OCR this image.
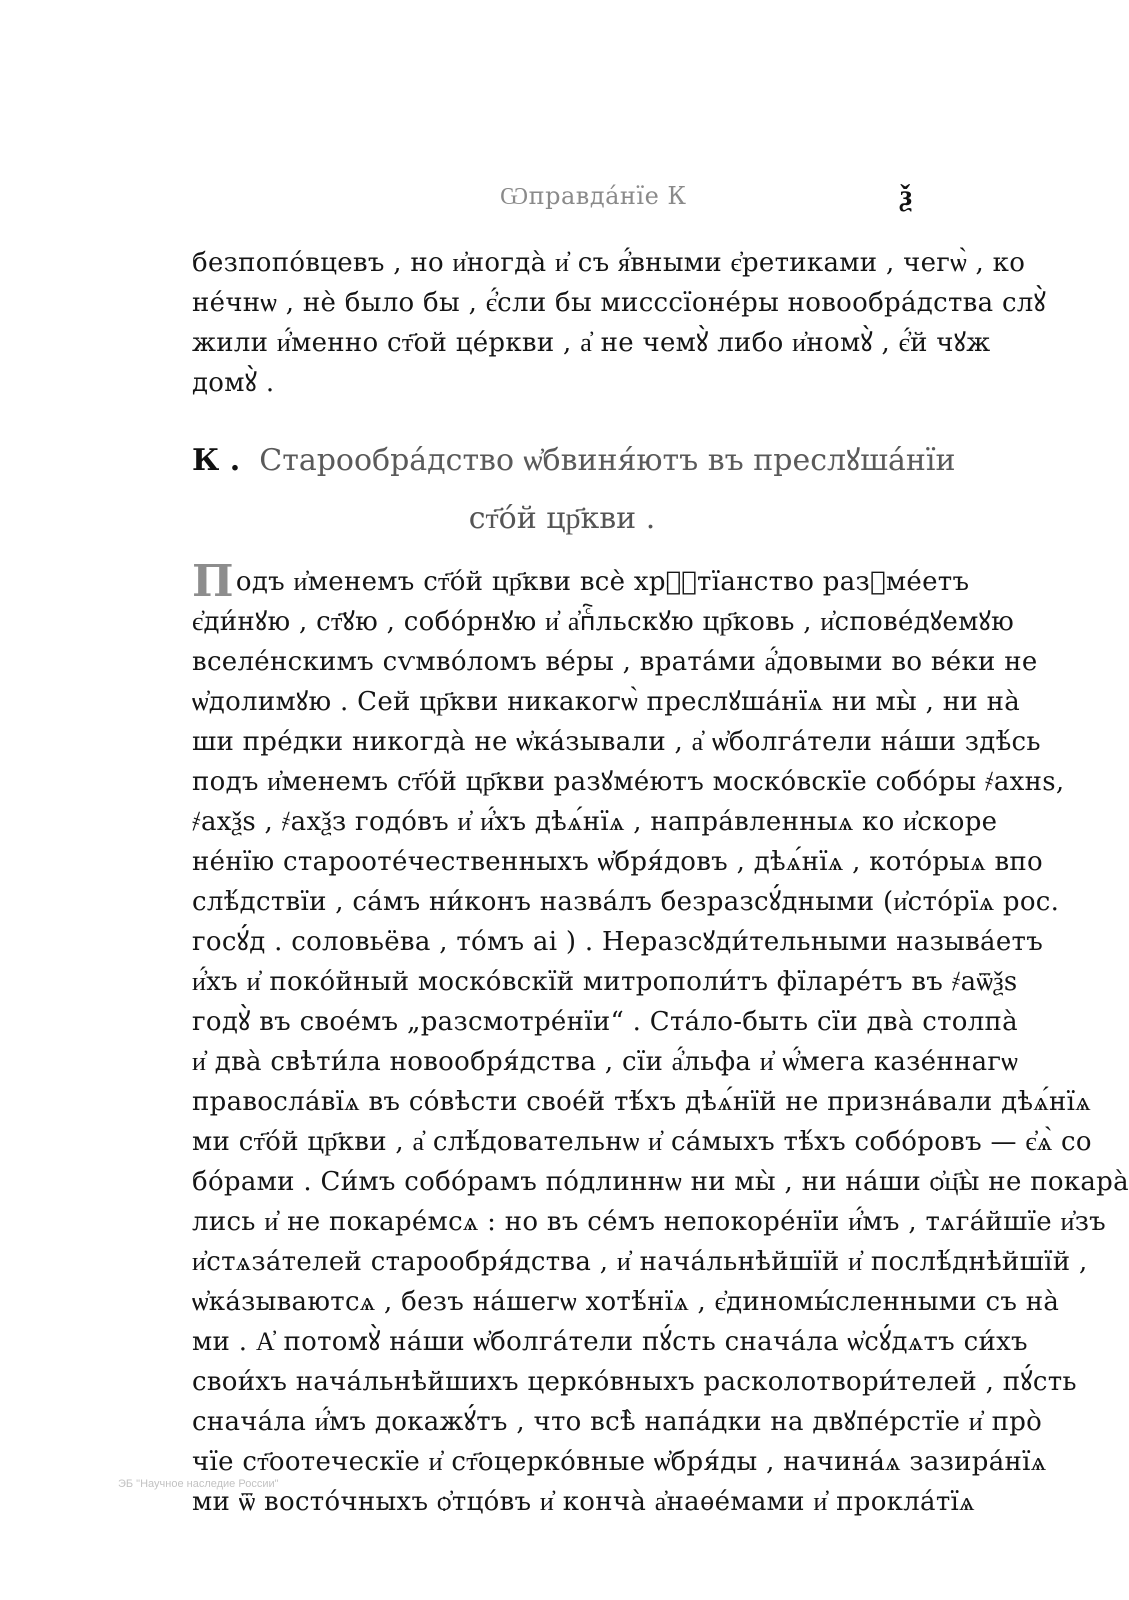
Ѡправда́нїе К	ѯ
безпопо́вцевъ , но и҆ногда̀ и҆ съ я҆́вными є҆ретиками , чегѡ̀ , ко
не́чнѡ , нѐ было бы , є҆́сли бы мисссїоне́ры новообра́дства слꙋ̀
жили и҆́менно ст҃ой це́ркви , а҆ не чемꙋ̀ либо и҆номꙋ̀ , є҆́й чꙋж
домꙋ̀ .
К . Старообра́дство ѡ҆бвиня́ютъ въ преслꙋша́нїи
ст҃о́й цр҃кви .
Подъ и҆менемъ ст҃о́й цр҃кви всѐ хрⷭ҇тїанство разꙋме́етъ
є҆ди́нꙋю , ст҃ꙋю , собо́рнꙋю и҆ а҆пⷭ҇льскꙋю цр҃ковь , и҆спове́дꙋемꙋю
вселе́нскимъ сѵмво́ломъ ве́ры , врата́ми а҆́довыми во ве́ки не
ѡ҆долимꙋю . Сей цр҃кви никакогѡ̀ преслꙋша́нїѧ ни мы̀ , ни на̀
ши пре́дки никогда̀ не ѡ҆ка́зывали , а҆ ѡ҆болга́тели на́ши здѣ́сь
подъ и҆менемъ ст҃о́й цр҃кви разꙋме́ютъ моско́вскїе собо́ры ҂ахнѕ,
҂ахѯѕ , ҂ахѯз годо́въ и҆ и҆́хъ дѣѧ́нїѧ , напра́вленныѧ ко и҆скоре
не́нїю старооте́чественныхъ ѡ҆бря́довъ , дѣѧ́нїѧ , кото́рыѧ впо
слѣ́дствїи , са́мъ ни́конъ назва́лъ безразсꙋ́дными (и҆сто́рїѧ рос.
госꙋ́д . соловьёва , то́мъ аі ) . Неразсꙋди́тельными называ́етъ
и҆́хъ и҆ поко́йный моско́вскїй митрополи́тъ фїларе́тъ въ ҂аѿѯѕ
годꙋ̀ въ свое́мъ „разсмотре́нїи“ . Ста́ло-быть сїи два̀ столпа̀
и҆ два̀ свѣти́ла новообря́дства , сїи а҆́льфа и҆ ѡ҆́мега казе́ннагѡ
правосла́вїѧ въ со́вѣсти свое́й тѣ́хъ дѣѧ́нїй не призна́вали дѣѧ́нїѧ
ми ст҃о́й цр҃кви , а҆ слѣ́довательнѡ и҆ са́мыхъ тѣ́хъ собо́ровъ — є҆ѧ̀ со
бо́рами . Си́мъ собо́рамъ по́длиннѡ ни мы̀ , ни на́ши ѻ҆ц҃ы̀ не покара̀
лись и҆ не покаре́мсѧ : но въ се́мъ непокоре́нїи и҆́мъ , тѧга́йшїе и҆зъ
и҆стѧза́телей старообря́дства , и҆ нача́льнѣйшїй и҆ послѣ́днѣйшїй ,
ѡ҆ка́зываютсѧ , безъ на́шегѡ хотѣ́нїѧ , є҆диномы́сленными съ на̀
ми . А҆ потомꙋ̀ на́ши ѡ҆болга́тели пꙋ́сть снача́ла ѡ҆сꙋ́дѧтъ си́хъ
свои́хъ нача́льнѣйшихъ церко́вныхъ расколотвори́телей , пꙋ́сть
снача́ла и҆́мъ докажꙋ́тъ , что всѣ̀ напа́дки на двꙋпе́рстїе и҆ про̀
чїе ст҃оотеческїе и҆ ст҃оцерко́вные ѡ҆бря́ды , начина́ѧ зазира́нїѧ
ми ѿ восто́чныхъ ѻ҆тцо́въ и҆ конча̀ а҆наѳе́мами и҆ прокла́тїѧ
ЭБ "Научное наследие России"
